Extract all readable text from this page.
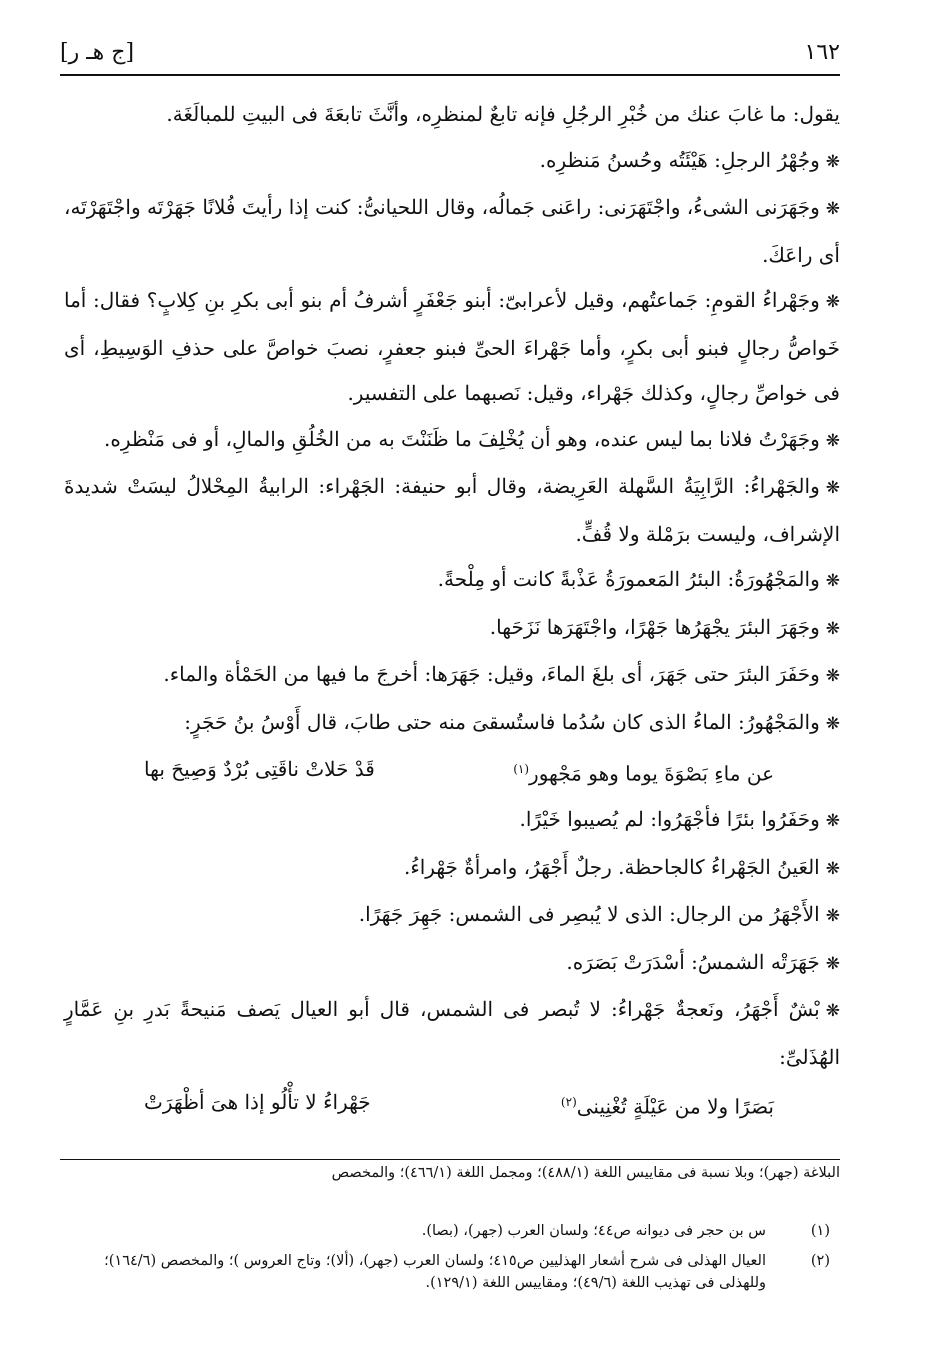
١٦٢
[ج هـ ر]

يقول: ما غابَ عنك من خُبْرِ الرجُلِ فإنه تابعٌ لمنظرِه، وأنَّثَ تابعَةَ فى البيتِ للمبالَغَة.

❋وجُهْرُ الرجلِ: هَيْئَتُه وحُسنُ مَنظرِه.

❋وجَهَرَنى الشىءُ، واجْتَهَرَنى: راعَنى جَمالُه، وقال اللحيانىُّ: كنت إذا رأيتَ فُلانًا جَهَرْتَه واجْتَهَرْتَه، أى راعَكَ.

❋وجَهْراءُ القومِ: جَماعتُهم، وقيل لأعرابىّ: أبنو جَعْفَرٍ أشرفُ أم بنو أبى بكرِ بنِ كِلابٍ؟ فقال: أما خَواصُّ رجالٍ فبنو أبى بكرٍ، وأما جَهْراءَ الحىِّ فبنو جعفرٍ، نصبَ خواصَّ على حذفِ الوَسِيطِ، أى فى خواصِّ رجالٍ، وكذلك جَهْراء، وقيل: نَصبهما على التفسير.

❋وجَهَرْتُ فلانا بما ليس عنده، وهو أن يُخْلِفَ ما ظَنَنْتَ به من الخُلُقِ والمالِ، أو فى مَنْظرِه.

❋والجَهْراءُ: الرَّابِيَةُ السَّهلة العَرِيضة، وقال أبو حنيفة: الجَهْراء: الرابيةُ المِحْلالُ ليسَتْ شديدةَ الإشراف، وليست برَمْلة ولا قُفٍّ.

❋والمَجْهُورَةُ: البئرُ المَعمورَةُ عَذْبةً كانت أو مِلْحةً.

❋وجَهَرَ البئرَ يجْهَرُها جَهْرًا، واجْتَهَرَها نَزَحَها.

❋وحَفَرَ البئرَ حتى جَهَرَ، أى بلغَ الماءَ، وقيل: جَهَرَها: أخرجَ ما فيها من الحَمْأة والماء.

❋والمَجْهُورُ: الماءُ الذى كان سُدُما فاستُسقىَ منه حتى طابَ، قال أَوْسُ بنُ حَجَرٍ:

قَدْ حَلاتْ ناقَتِى بُرْدٌ وَصِيحَ بها	عن ماءِ بَصْوَةَ يوما وهو مَجْهور$^{(١)}$

❋وحَفَرُوا بئرًا فأجْهَرُوا: لم يُصيبوا خَيْرًا.

❋العَينُ الجَهْراءُ كالجاحظة. رجلٌ أَجْهَرُ، وامرأةٌ جَهْراءُ.

❋الأَجْهَرُ من الرجال: الذى لا يُبصِر فى الشمس: جَهِرَ جَهَرًا.

❋جَهَرَتْه الشمسُ: أسْدَرَتْ بَصَرَه.

❋بْشٌ أَجْهَرُ، ونَعجةٌ جَهْراءُ: لا تُبصر فى الشمس، قال أبو العيال يَصف مَنيحةً بَدرِ بنِ عَمَّارٍ الهُذَلىِّ:

جَهْراءُ لا تأْلُو إذا هىَ أظْهَرَتْ	بَصَرًا ولا من عَيْلَةٍ تُغْنِينى$^{(٢)}$
البلاغة (جهر)؛ وبلا نسبة فى مقاييس اللغة (٤٨٨/١)؛ ومجمل اللغة (٤٦٦/١)؛ والمخصص
(١)
س بن حجر فى ديوانه ص٤٤؛ ولسان العرب (جهر)، (بصا).
(٢)
العيال الهذلى فى شرح أشعار الهذليين ص٤١٥؛ ولسان العرب (جهر)، (ألا)؛ وتاج العروس )؛ والمخصص (١٦٤/٦)؛ وللهذلى فى تهذيب اللغة (٤٩/٦)؛ ومقاييس اللغة (١٢٩/١).
